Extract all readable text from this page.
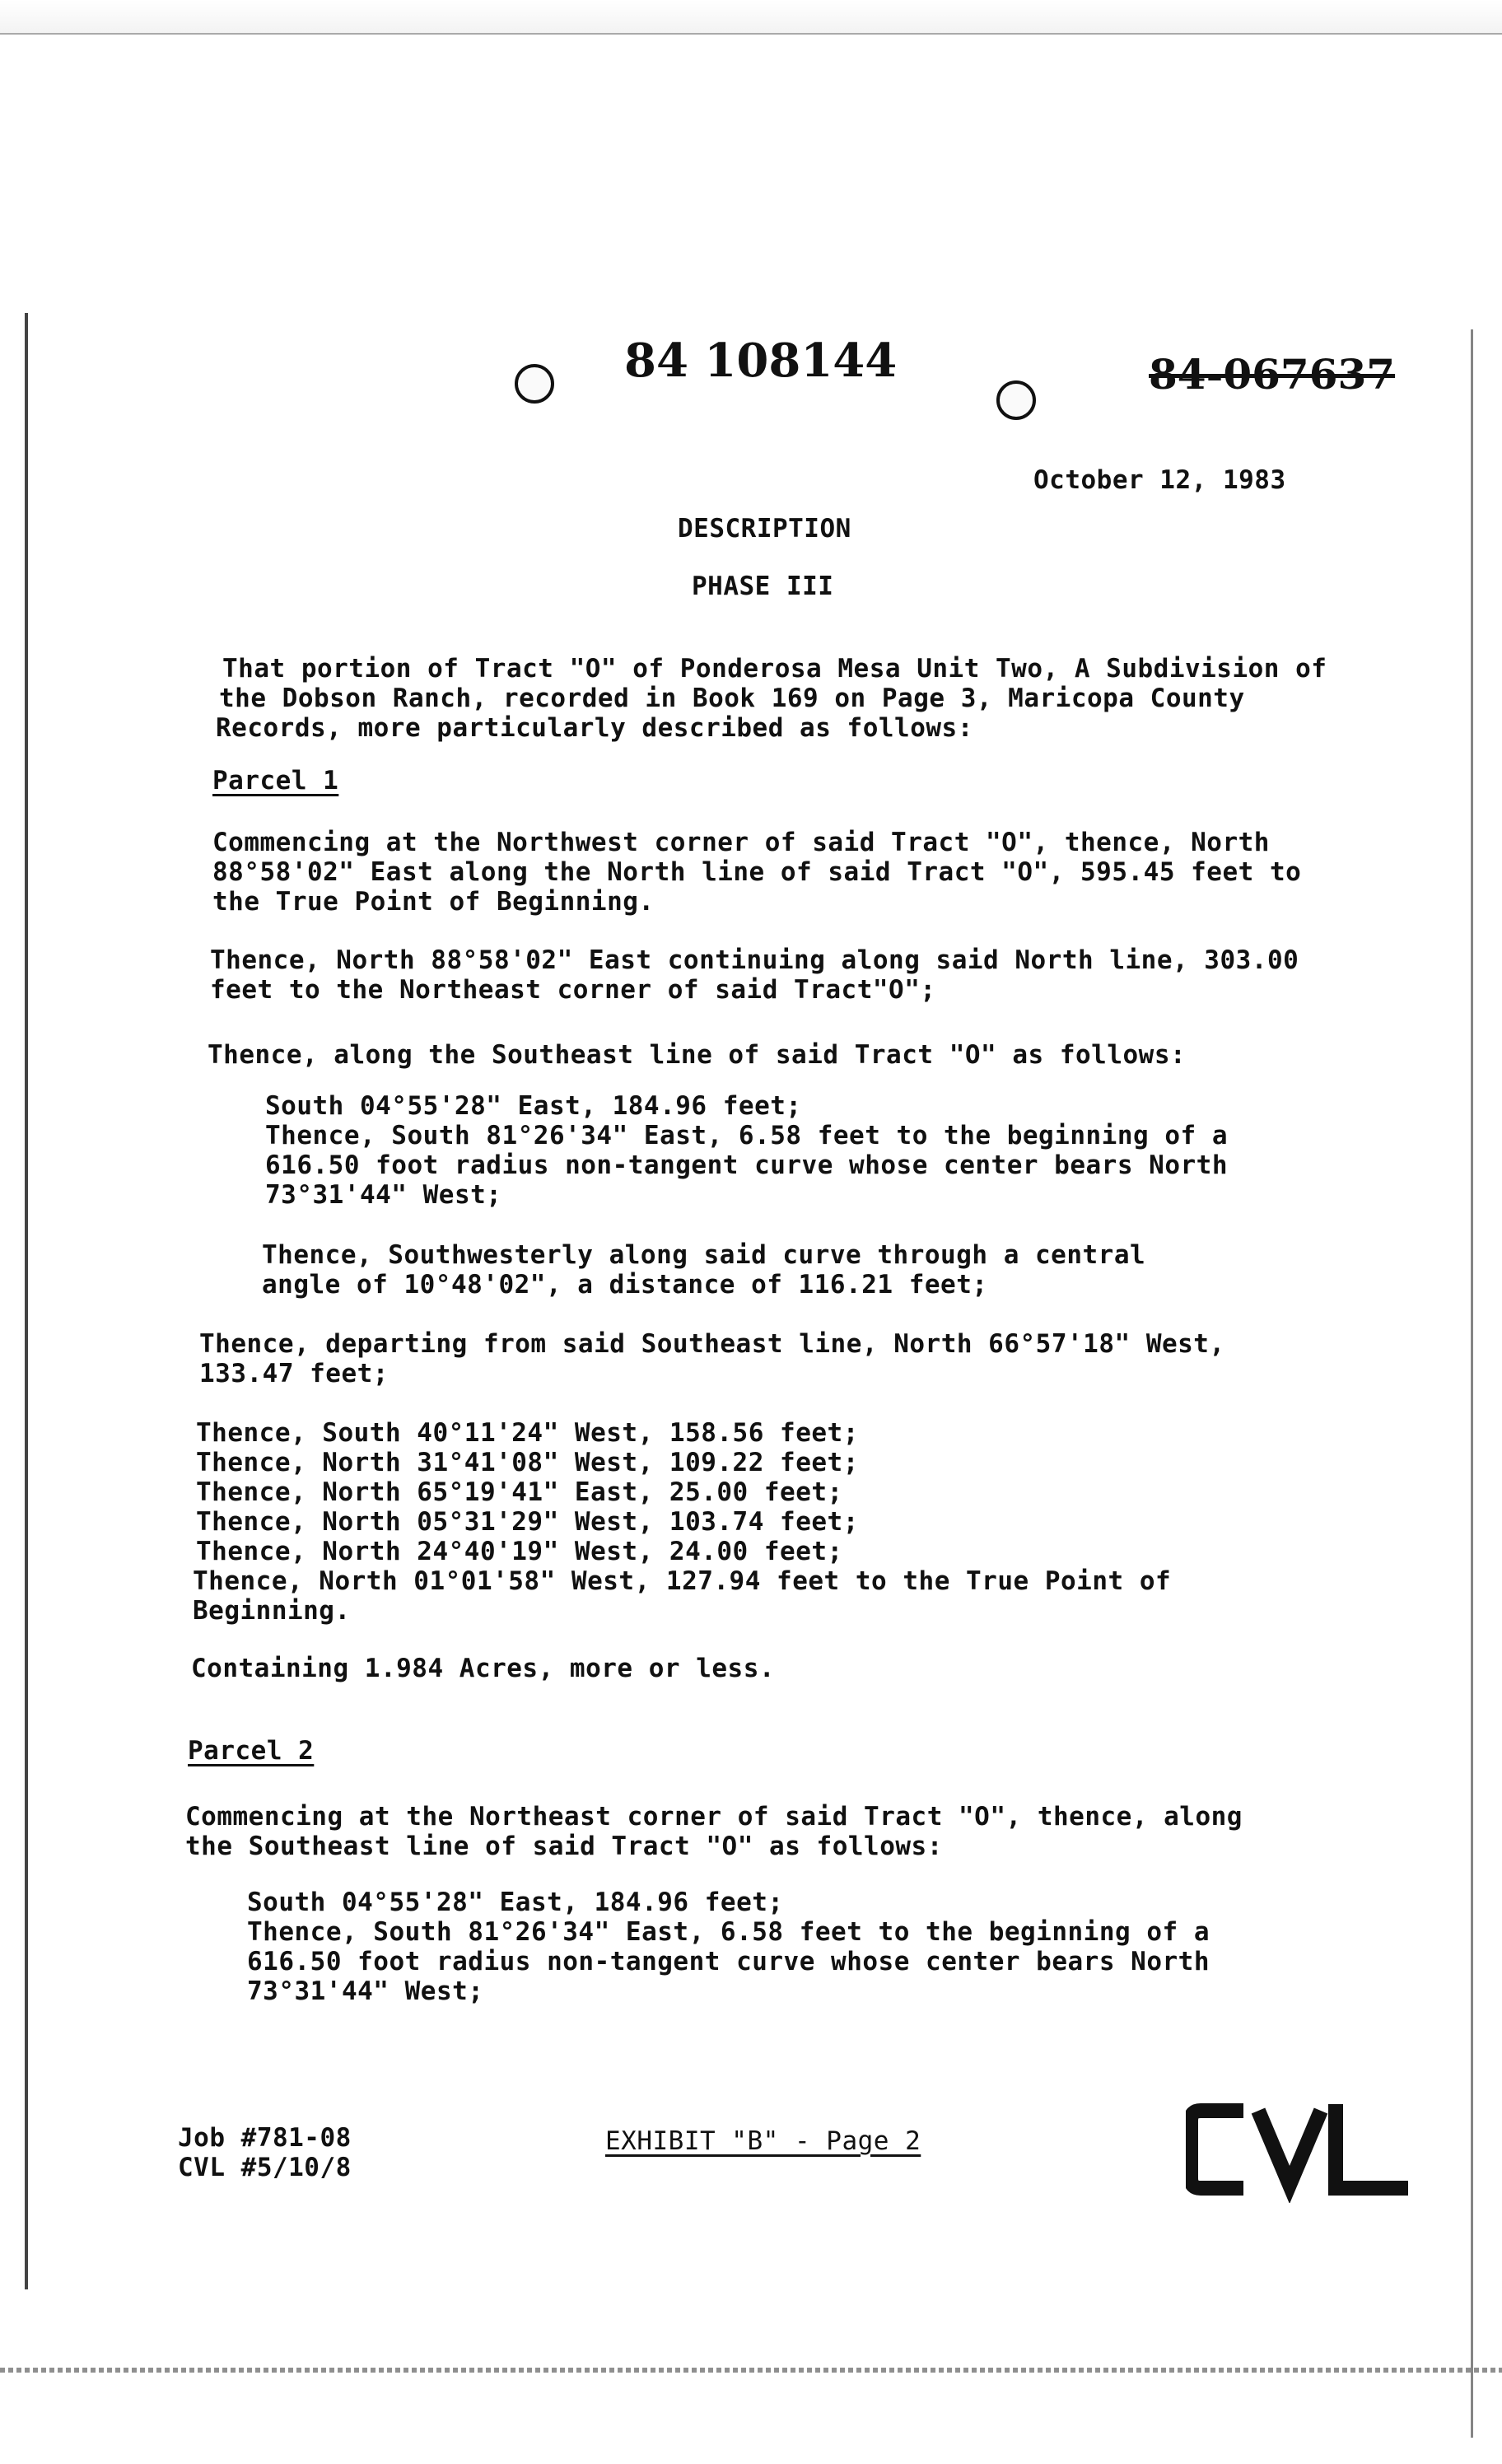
84 108144	84-067637
October 12, 1983
DESCRIPTION
PHASE III
That portion of Tract "O" of Ponderosa Mesa Unit Two, A Subdivision of
the Dobson Ranch, recorded in Book 169 on Page 3, Maricopa County
Records, more particularly described as follows:
Parcel 1
Commencing at the Northwest corner of said Tract "O", thence, North
88°58'02" East along the North line of said Tract "O", 595.45 feet to
the True Point of Beginning.
Thence, North 88°58'02" East continuing along said North line, 303.00
feet to the Northeast corner of said Tract"O";
Thence, along the Southeast line of said Tract "O" as follows:
South 04°55'28" East, 184.96 feet;
Thence, South 81°26'34" East, 6.58 feet to the beginning of a
616.50 foot radius non-tangent curve whose center bears North
73°31'44" West;
Thence, Southwesterly along said curve through a central
angle of 10°48'02", a distance of 116.21 feet;
Thence, departing from said Southeast line, North 66°57'18" West,
133.47 feet;
Thence, South 40°11'24" West, 158.56 feet;
Thence, North 31°41'08" West, 109.22 feet;
Thence, North 65°19'41" East, 25.00 feet;
Thence, North 05°31'29" West, 103.74 feet;
Thence, North 24°40'19" West, 24.00 feet;
Thence, North 01°01'58" West, 127.94 feet to the True Point of
Beginning.
Containing 1.984 Acres, more or less.
Parcel 2
Commencing at the Northeast corner of said Tract "O", thence, along
the Southeast line of said Tract "O" as follows:
South 04°55'28" East, 184.96 feet;
Thence, South 81°26'34" East, 6.58 feet to the beginning of a
616.50 foot radius non-tangent curve whose center bears North
73°31'44" West;
Job #781-08
CVL #5/10/8
EXHIBIT "B" - Page 2
